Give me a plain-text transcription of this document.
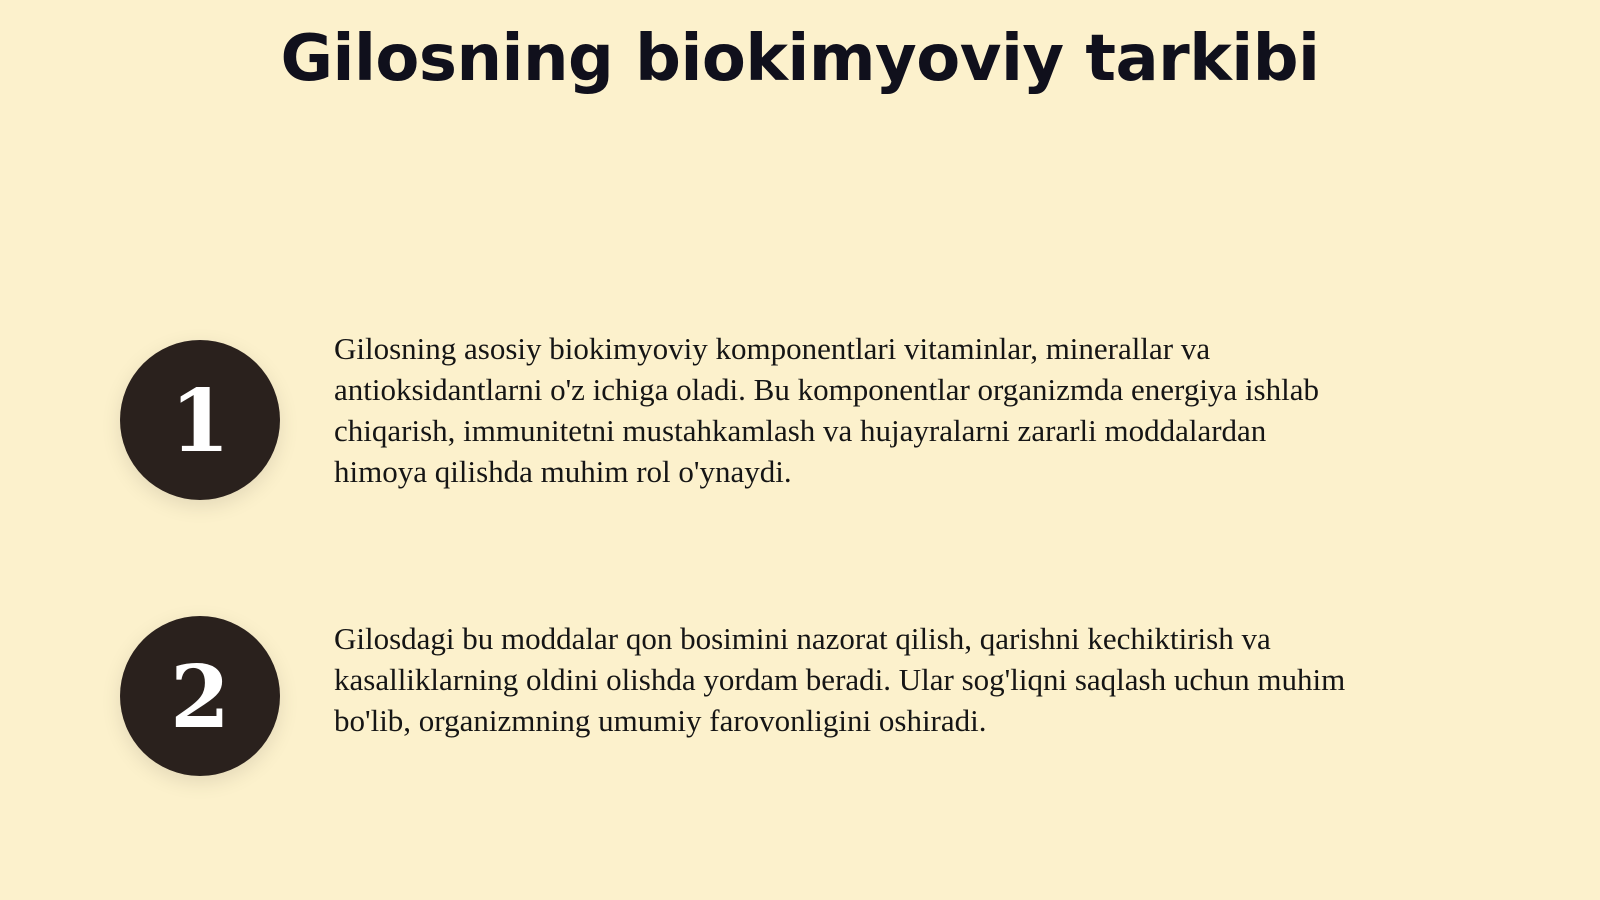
Gilosning biokimyoviy tarkibi
1

Gilosning asosiy biokimyoviy komponentlari vitaminlar, minerallar va antioksidantlarni o'z ichiga oladi. Bu komponentlar organizmda energiya ishlab chiqarish, immunitetni mustahkamlash va hujayralarni zararli moddalardan himoya qilishda muhim rol o'ynaydi.

2

Gilosdagi bu moddalar qon bosimini nazorat qilish, qarishni kechiktirish va kasalliklarning oldini olishda yordam beradi. Ular sog'liqni saqlash uchun muhim bo'lib, organizmning umumiy farovonligini oshiradi.
